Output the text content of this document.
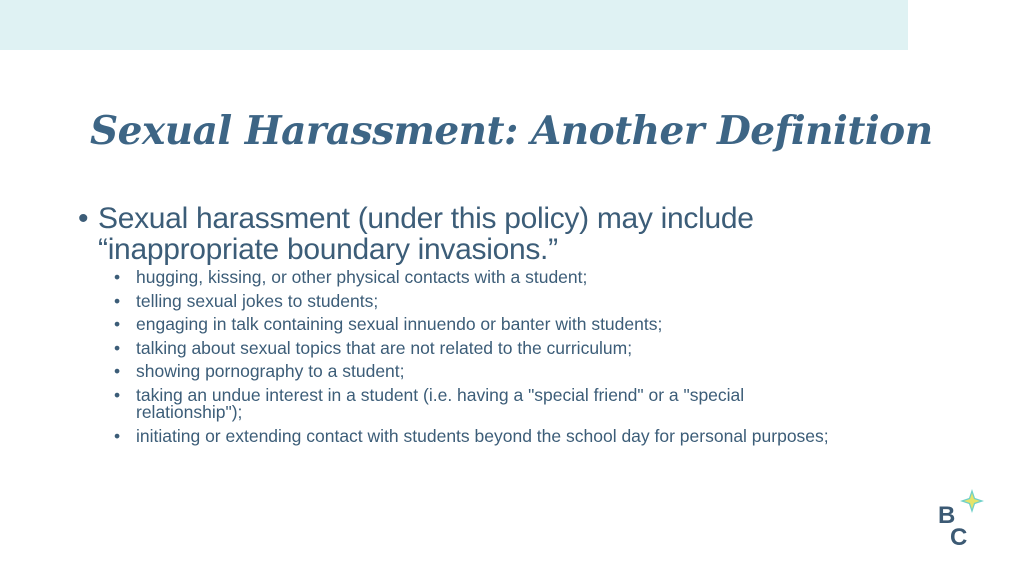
Sexual Harassment: Another Definition
• Sexual harassment (under this policy) may include “inappropriate boundary invasions.”
• hugging, kissing, or other physical contacts with a student;
• telling sexual jokes to students;
• engaging in talk containing sexual innuendo or banter with students;
• talking about sexual topics that are not related to the curriculum;
• showing pornography to a student;
• taking an undue interest in a student (i.e. having a "special friend" or a "special relationship");
• initiating or extending contact with students beyond the school day for personal purposes;
B
C
